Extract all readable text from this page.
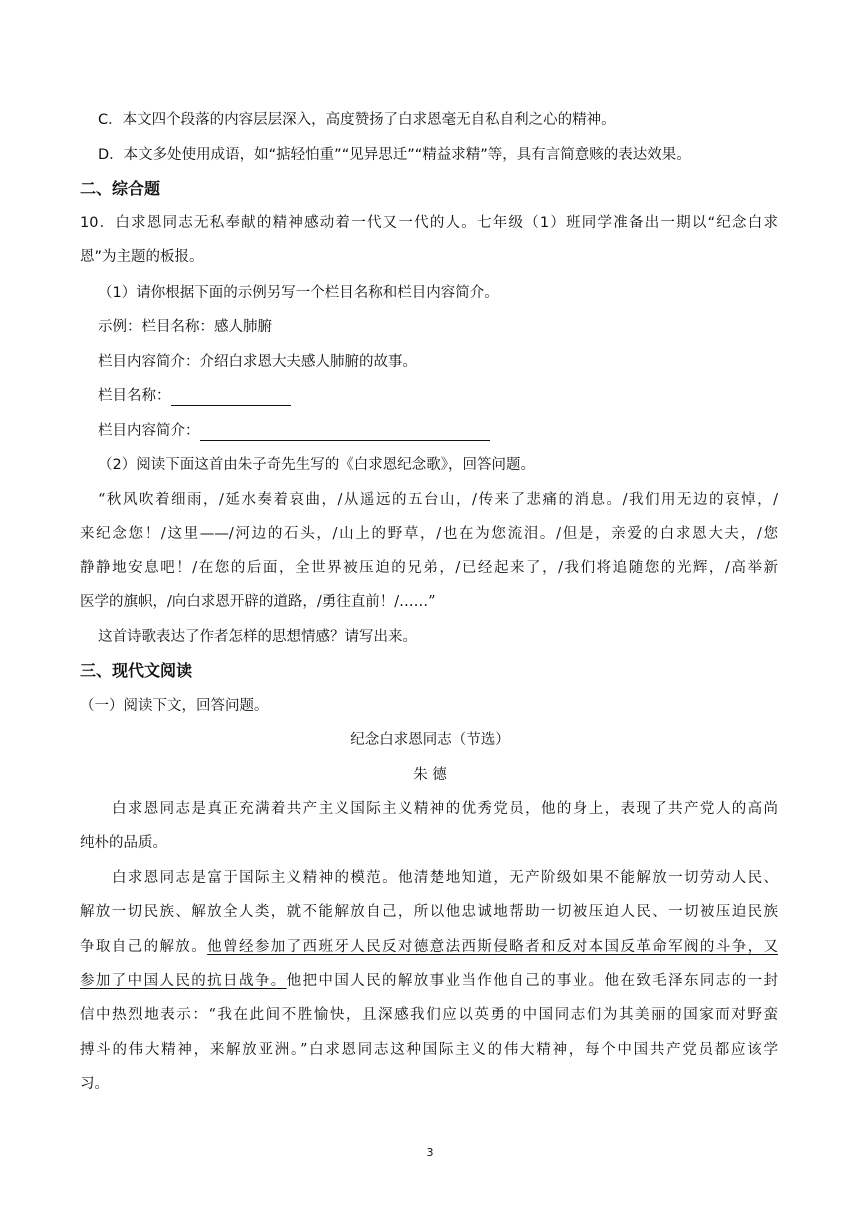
C．本文四个段落的内容层层深入，高度赞扬了白求恩毫无自私自利之心的精神。
D．本文多处使用成语，如“掂轻怕重”“见异思迁”“精益求精”等，具有言简意赅的表达效果。
二、综合题
10．白求恩同志无私奉献的精神感动着一代又一代的人。七年级（1）班同学准备出一期以“纪念白求
恩”为主题的板报。
（1）请你根据下面的示例另写一个栏目名称和栏目内容简介。
示例：栏目名称：感人肺腑
栏目内容简介：介绍白求恩大夫感人肺腑的故事。
栏目名称：
栏目内容简介：
（2）阅读下面这首由朱子奇先生写的《白求恩纪念歌》，回答问题。
“秋风吹着细雨，/延水奏着哀曲，/从遥远的五台山，/传来了悲痛的消息。/我们用无边的哀悼，/
来纪念您！/这里——/河边的石头，/山上的野草，/也在为您流泪。/但是，亲爱的白求恩大夫，/您
静静地安息吧！/在您的后面，全世界被压迫的兄弟，/已经起来了，/我们将追随您的光辉，/高举新
医学的旗帜，/向白求恩开辟的道路，/勇往直前！/……”
这首诗歌表达了作者怎样的思想情感？请写出来。
三、现代文阅读
（一）阅读下文，回答问题。
纪念白求恩同志（节选）
朱 德
白求恩同志是真正充满着共产主义国际主义精神的优秀党员，他的身上，表现了共产党人的高尚
纯朴的品质。
白求恩同志是富于国际主义精神的模范。他清楚地知道，无产阶级如果不能解放一切劳动人民、
解放一切民族、解放全人类，就不能解放自己，所以他忠诚地帮助一切被压迫人民、一切被压迫民族
争取自己的解放。他曾经参加了西班牙人民反对德意法西斯侵略者和反对本国反革命军阀的斗争，又
参加了中国人民的抗日战争。他把中国人民的解放事业当作他自己的事业。他在致毛泽东同志的一封
信中热烈地表示：“我在此间不胜愉快，且深感我们应以英勇的中国同志们为其美丽的国家而对野蛮
搏斗的伟大精神，来解放亚洲。”白求恩同志这种国际主义的伟大精神，每个中国共产党员都应该学
习。
3
